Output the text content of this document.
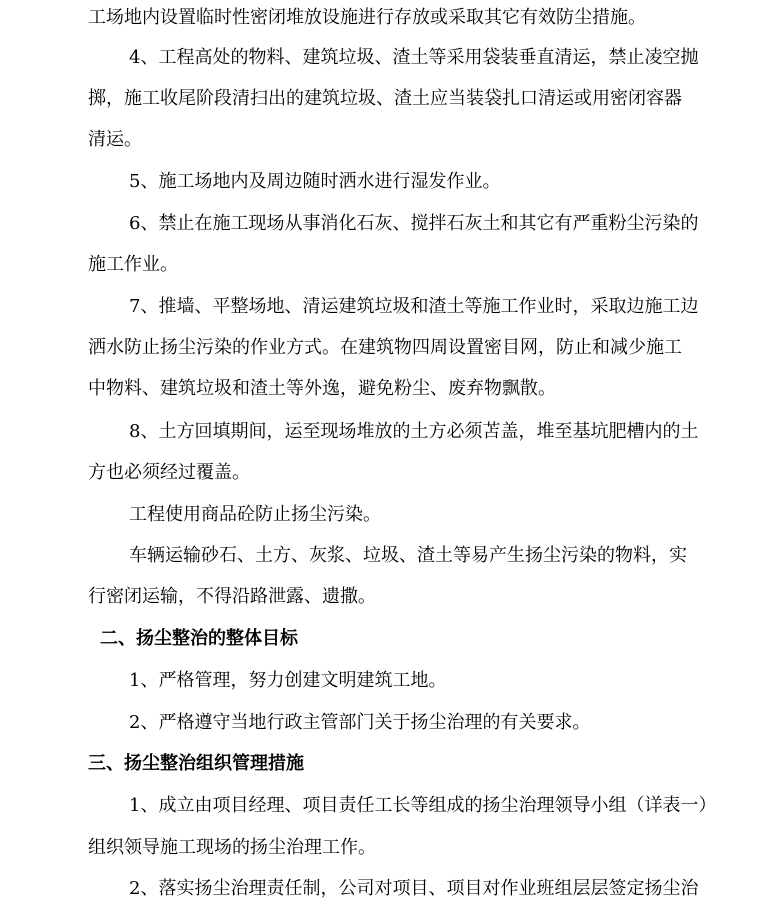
工场地内设置临时性密闭堆放设施进行存放或采取其它有效防尘措施。
4、工程高处的物料、建筑垃圾、渣土等采用袋装垂直清运，禁止凌空抛
掷，施工收尾阶段清扫出的建筑垃圾、渣土应当装袋扎口清运或用密闭容器
清运。
5、施工场地内及周边随时洒水进行湿发作业。
6、禁止在施工现场从事消化石灰、搅拌石灰土和其它有严重粉尘污染的
施工作业。
7、推墙、平整场地、清运建筑垃圾和渣土等施工作业时，采取边施工边
洒水防止扬尘污染的作业方式。在建筑物四周设置密目网，防止和减少施工
中物料、建筑垃圾和渣土等外逸，避免粉尘、废弃物飘散。
8、土方回填期间，运至现场堆放的土方必须苫盖，堆至基坑肥槽内的土
方也必须经过覆盖。
工程使用商品砼防止扬尘污染。
车辆运输砂石、土方、灰浆、垃圾、渣土等易产生扬尘污染的物料，实
行密闭运输，不得沿路泄露、遗撒。
二、扬尘整治的整体目标
1、严格管理，努力创建文明建筑工地。
2、严格遵守当地行政主管部门关于扬尘治理的有关要求。
三、扬尘整治组织管理措施
1、成立由项目经理、项目责任工长等组成的扬尘治理领导小组（详表一）
组织领导施工现场的扬尘治理工作。
2、落实扬尘治理责任制，公司对项目、项目对作业班组层层签定扬尘治
